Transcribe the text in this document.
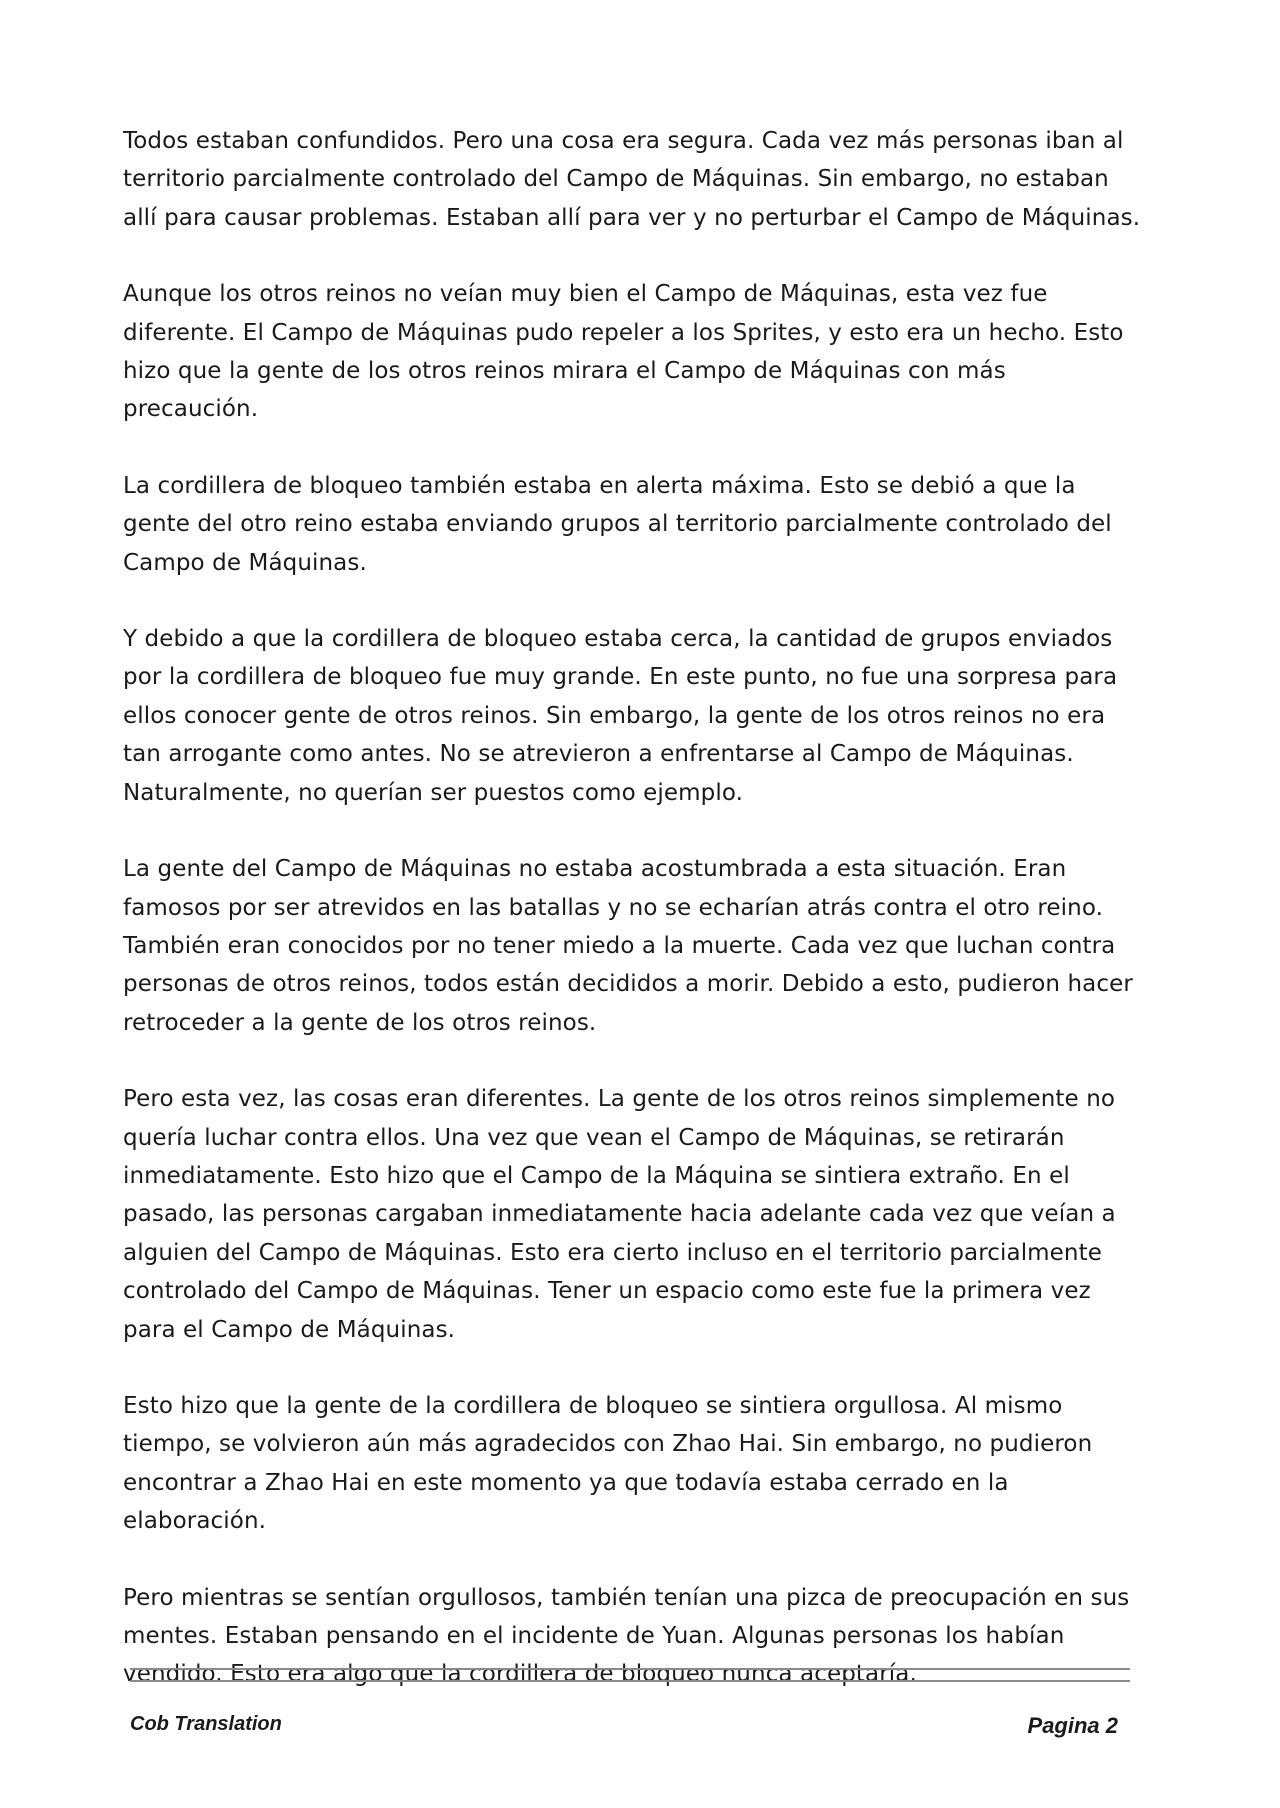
Todos estaban confundidos. Pero una cosa era segura. Cada vez más personas iban al territorio parcialmente controlado del Campo de Máquinas. Sin embargo, no estaban allí para causar problemas. Estaban allí para ver y no perturbar el Campo de Máquinas.

Aunque los otros reinos no veían muy bien el Campo de Máquinas, esta vez fue diferente. El Campo de Máquinas pudo repeler a los Sprites, y esto era un hecho. Esto hizo que la gente de los otros reinos mirara el Campo de Máquinas con más precaución.

La cordillera de bloqueo también estaba en alerta máxima. Esto se debió a que la gente del otro reino estaba enviando grupos al territorio parcialmente controlado del Campo de Máquinas.

Y debido a que la cordillera de bloqueo estaba cerca, la cantidad de grupos enviados por la cordillera de bloqueo fue muy grande. En este punto, no fue una sorpresa para ellos conocer gente de otros reinos. Sin embargo, la gente de los otros reinos no era tan arrogante como antes. No se atrevieron a enfrentarse al Campo de Máquinas. Naturalmente, no querían ser puestos como ejemplo.

La gente del Campo de Máquinas no estaba acostumbrada a esta situación. Eran famosos por ser atrevidos en las batallas y no se echarían atrás contra el otro reino. También eran conocidos por no tener miedo a la muerte. Cada vez que luchan contra personas de otros reinos, todos están decididos a morir. Debido a esto, pudieron hacer retroceder a la gente de los otros reinos.

Pero esta vez, las cosas eran diferentes. La gente de los otros reinos simplemente no quería luchar contra ellos. Una vez que vean el Campo de Máquinas, se retirarán inmediatamente. Esto hizo que el Campo de la Máquina se sintiera extraño. En el pasado, las personas cargaban inmediatamente hacia adelante cada vez que veían a alguien del Campo de Máquinas. Esto era cierto incluso en el territorio parcialmente controlado del Campo de Máquinas. Tener un espacio como este fue la primera vez para el Campo de Máquinas.

Esto hizo que la gente de la cordillera de bloqueo se sintiera orgullosa. Al mismo tiempo, se volvieron aún más agradecidos con Zhao Hai. Sin embargo, no pudieron encontrar a Zhao Hai en este momento ya que todavía estaba cerrado en la elaboración.

Pero mientras se sentían orgullosos, también tenían una pizca de preocupación en sus mentes. Estaban pensando en el incidente de Yuan. Algunas personas los habían vendido. Esto era algo que la cordillera de bloqueo nunca aceptaría.

Cob Translation	Pagina 2
